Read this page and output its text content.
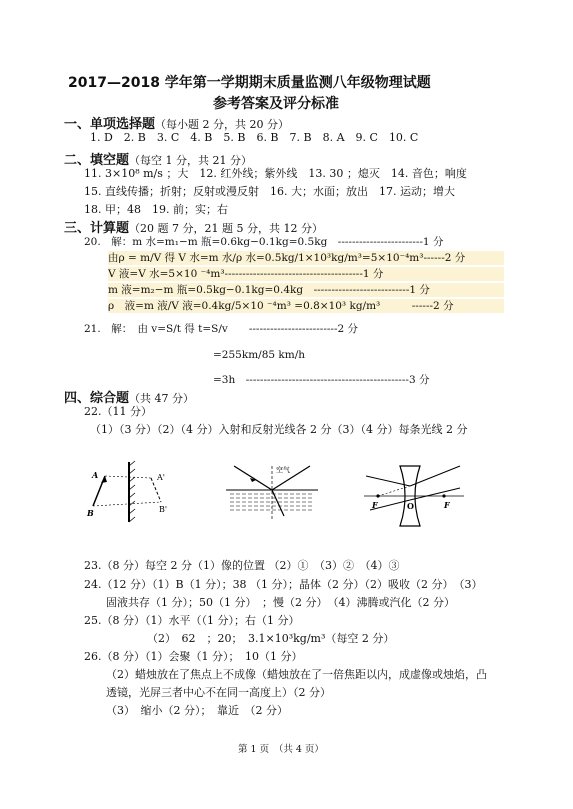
2017—2018 学年第一学期期末质量监测八年级物理试题
参考答案及评分标准
一、单项选择题（每小题 2 分，共 20 分）
1. D　2. B　3. C　4. B　5. B　6. B　7. B　8. A　9. C　10. C
二、填空题（每空 1 分，共 21 分）
11. 3×10⁸ m/s ；大　12. 红外线；紫外线　13. 30 ；熄灭　14. 音色；响度
15. 直线传播；折射；反射或漫反射　16. 大；水面；放出　17. 运动；增大
18. 甲；48　19. 前；实；右
三、计算题（20 题 7 分，21 题 5 分，共 12 分）
20.　解：m 水=m₁−m 瓶=0.6kg−0.1kg=0.5kg　------------------------1 分
由ρ = m/V 得 V 水=m 水/ρ 水=0.5kg/1×10³kg/m³=5×10⁻⁴m³------2 分
V 液=V 水=5×10 ⁻⁴m³---------------------------------------1 分
m 液=m₂−m 瓶=0.5kg−0.1kg=0.4kg　---------------------------1 分
ρ　液=m 液/V 液=0.4kg/5×10 ⁻⁴m³ =0.8×10³ kg/m³　　　------2 分
21.　解：　由 v=S/t 得 t=S/v　　-------------------------2 分
=255km/85 km/h
=3h　----------------------------------------------3 分
四、综合题（共 47 分）
22.（11 分）
（1）（3 分）（2）（4 分）入射和反射光线各 2 分（3）（4 分）每条光线 2 分
A
B
A'
B'
空气
F	F
O
23.（8 分）每空 2 分（1）像的位置 （2）①　（3）②　（4）③
24.（12 分）（1）B（1 分）；38 （1 分）；晶体（2 分）（2）吸收（2 分）　（3）
固液共存（1 分）；50（1 分）　；慢（2 分）　（4）沸腾或汽化（2 分）
25.（8 分）（1）水平（（1 分）；右（1 分）
（2）　62　；20；　3.1×10³kg/m³（每空 2 分）
26.（8 分）（1）会聚（1 分）；　10（1 分）
（2）蜡烛放在了焦点上不成像（蜡烛放在了一倍焦距以内，成虚像或烛焰，凸
透镜，光屏三者中心不在同一高度上）（2 分）
（3）　缩小（2 分）；　靠近　（2 分）
第 1 页　（共 4 页）
